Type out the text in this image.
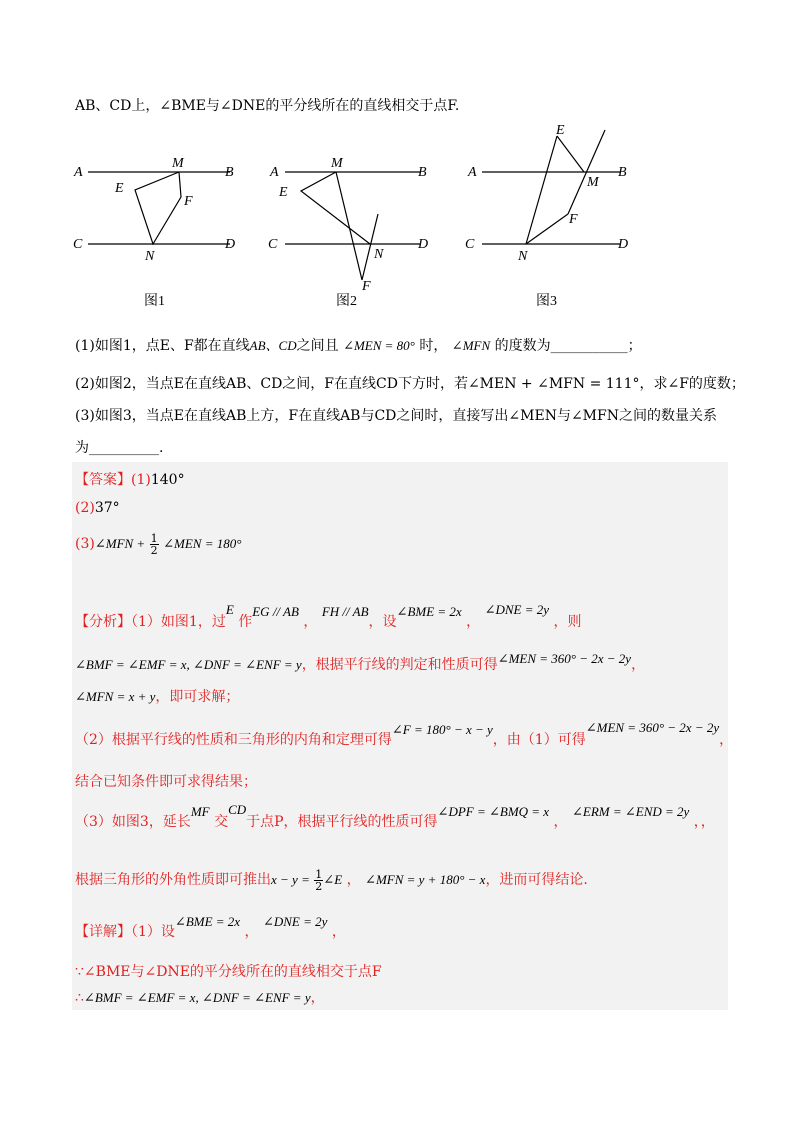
AB、CD上，∠BME与∠DNE的平分线所在的直线相交于点F.
A	B
C	D
M
E
F
N
图1
A	B
C	D
M
E
F
N
图2
A	B
C	D
M
E
F
N
图3
(1)如图1，点E、F都在直线AB、CD之间且 ∠MEN = 80° 时， ∠MFN 的度数为___________；
(2)如图2，当点E在直线AB、CD之间，F在直线CD下方时，若∠MEN + ∠MFN = 111°，求∠F的度数；
(3)如图3，当点E在直线AB上方，F在直线AB与CD之间时，直接写出∠MEN与∠MFN之间的数量关系
为__________.
【答案】(1)140°
(2)37°
(3)∠MFN + $\frac{1}{2}$ ∠MEN = 180°
【分析】（1）如图1，过E 作EG // AB ， FH // AB，设∠BME = 2x ， ∠DNE = 2y ，则
∠BMF = ∠EMF = x, ∠DNF = ∠ENF = y，根据平行线的判定和性质可得∠MEN = 360° − 2x − 2y，
∠MFN = x + y，即可求解；
（2）根据平行线的性质和三角形的内角和定理可得∠F = 180° − x − y，由（1）可得∠MEN = 360° − 2x − 2y，
结合已知条件即可求得结果；
（3）如图3，延长MF 交CD于点P，根据平行线的性质可得∠DPF = ∠BMQ = x ， ∠ERM = ∠END = 2y ，，
根据三角形的外角性质即可推出$x - y = \frac{1}{2}$ ∠E ， ∠MFN = y + 180° − x，进而可得结论.
【详解】（1）设∠BME = 2x ， ∠DNE = 2y ，
∵∠BME与∠DNE的平分线所在的直线相交于点F
∴∠BMF = ∠EMF = x, ∠DNF = ∠ENF = y，
